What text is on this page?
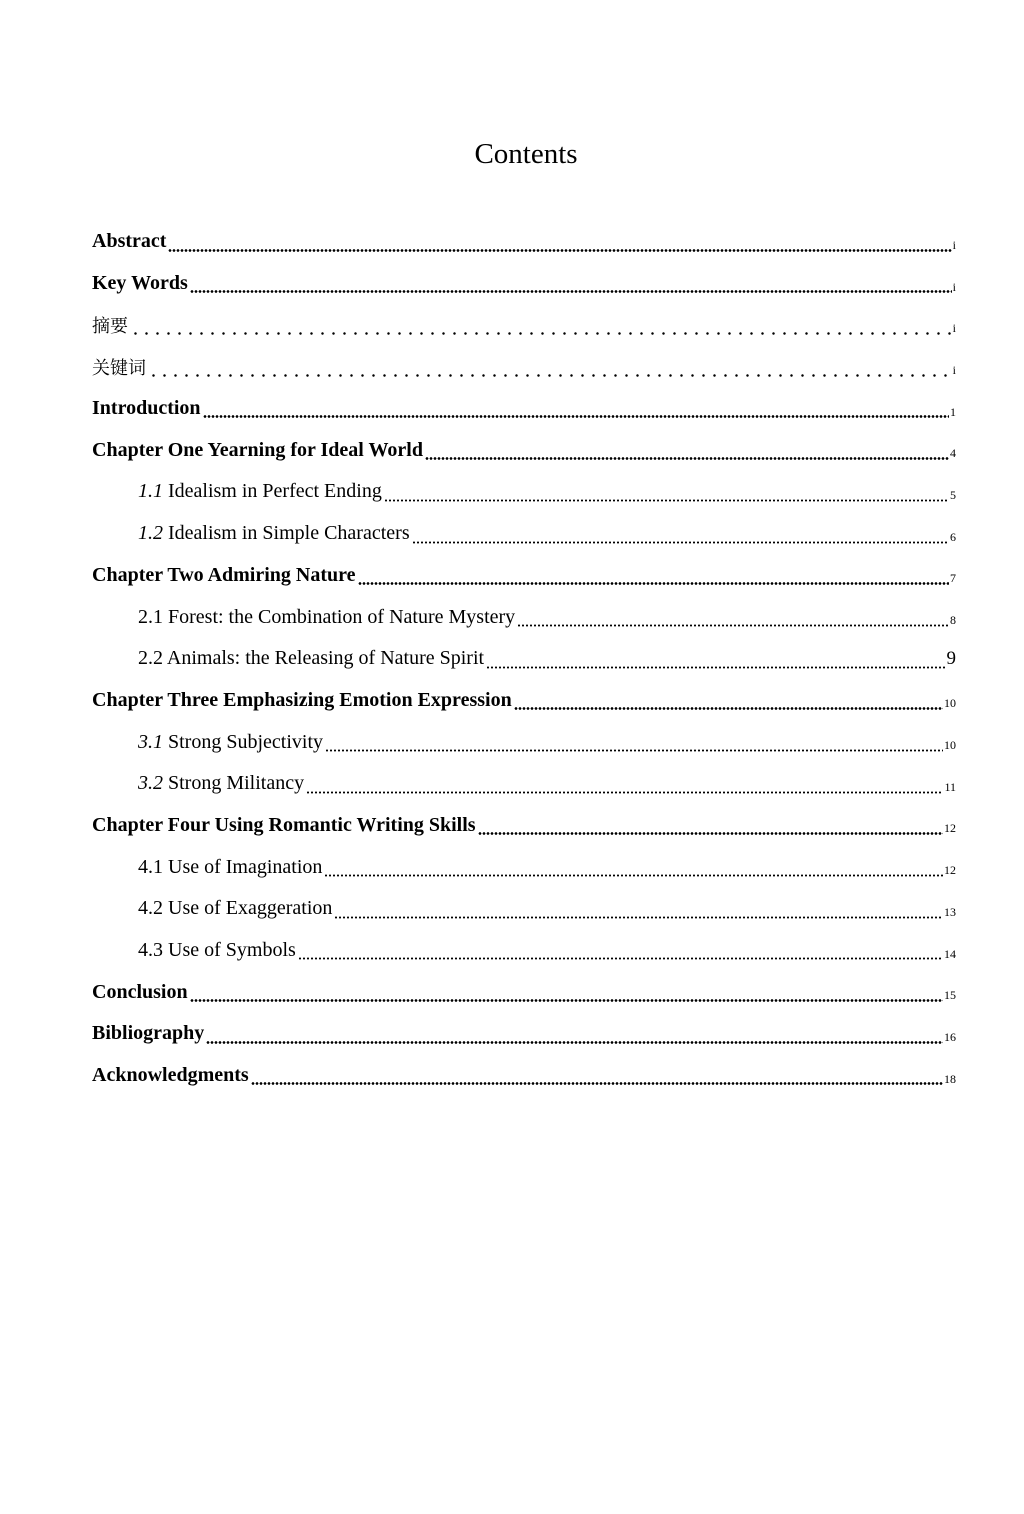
Contents
Abstract	i
Key Words	i
摘要	i
关键词	i
Introduction	1
Chapter One Yearning for Ideal World	4
1.1 Idealism in Perfect Ending	5
1.2 Idealism in Simple Characters	6
Chapter Two Admiring Nature	7
2.1 Forest: the Combination of Nature Mystery	8
2.2 Animals: the Releasing of Nature Spirit	9
Chapter Three Emphasizing Emotion Expression	10
3.1 Strong Subjectivity	10
3.2 Strong Militancy	11
Chapter Four Using Romantic Writing Skills	12
4.1 Use of Imagination	12
4.2 Use of Exaggeration	13
4.3 Use of Symbols	14
Conclusion	15
Bibliography	16
Acknowledgments	18
